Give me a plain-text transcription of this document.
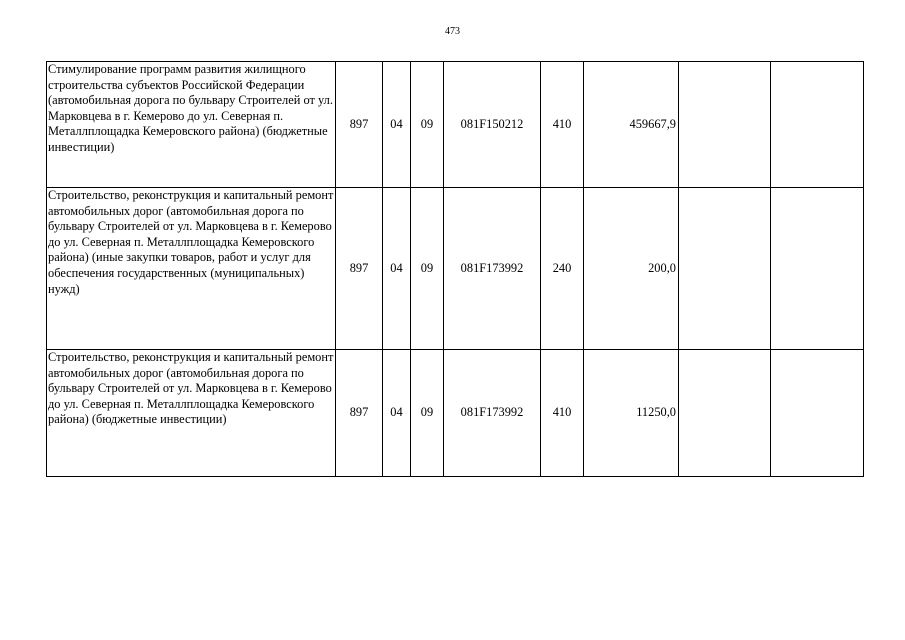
473
Стимулирование программ развития жилищного строительства субъектов Российской Федерации (автомобильная дорога по бульвару Строителей от ул. Марковцева в г. Кемерово до ул. Северная п. Металлплощадка Кемеровского района) (бюджетные инвестиции)	897	04	09	081F150212	410	459667,9		
Строительство, реконструкция и капитальный ремонт автомобильных дорог (автомобильная дорога по бульвару Строителей от ул. Марковцева в г. Кемерово до ул. Северная п. Металлплощадка Кемеровского района) (иные закупки товаров, работ и услуг для обеспечения государственных (муниципальных) нужд)	897	04	09	081F173992	240	200,0		
Строительство, реконструкция и капитальный ремонт автомобильных дорог (автомобильная дорога по бульвару Строителей от ул. Марковцева в г. Кемерово до ул. Северная п. Металлплощадка Кемеровского района) (бюджетные инвестиции)	897	04	09	081F173992	410	11250,0		
